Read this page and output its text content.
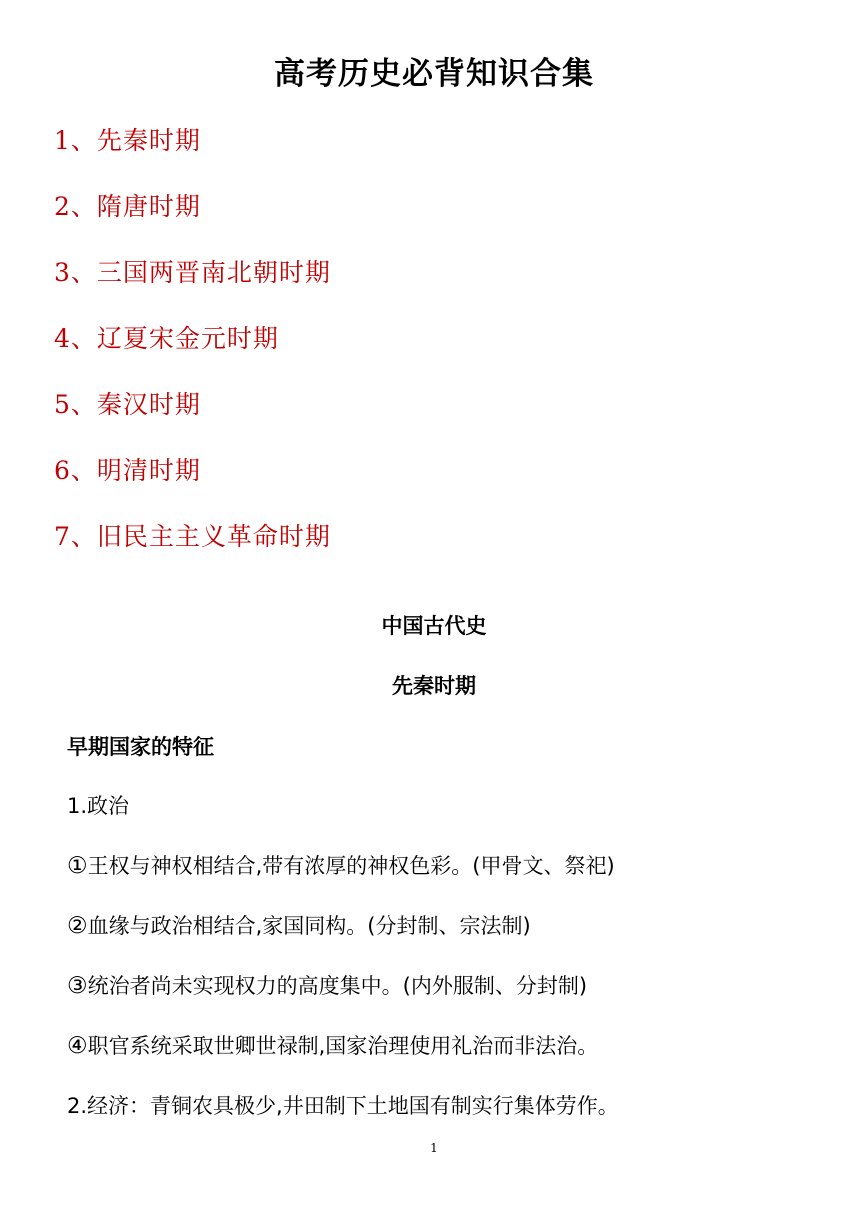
高考历史必背知识合集
1、先秦时期
2、隋唐时期
3、三国两晋南北朝时期
4、辽夏宋金元时期
5、秦汉时期
6、明清时期
7、旧民主主义革命时期
中国古代史
先秦时期
早期国家的特征
1.政治
①王权与神权相结合,带有浓厚的神权色彩。(甲骨文、祭祀)
②血缘与政治相结合,家国同构。(分封制、宗法制)
③统治者尚未实现权力的高度集中。(内外服制、分封制)
④职官系统采取世卿世禄制,国家治理使用礼治而非法治。
2.经济：青铜农具极少,井田制下土地国有制实行集体劳作。
1
